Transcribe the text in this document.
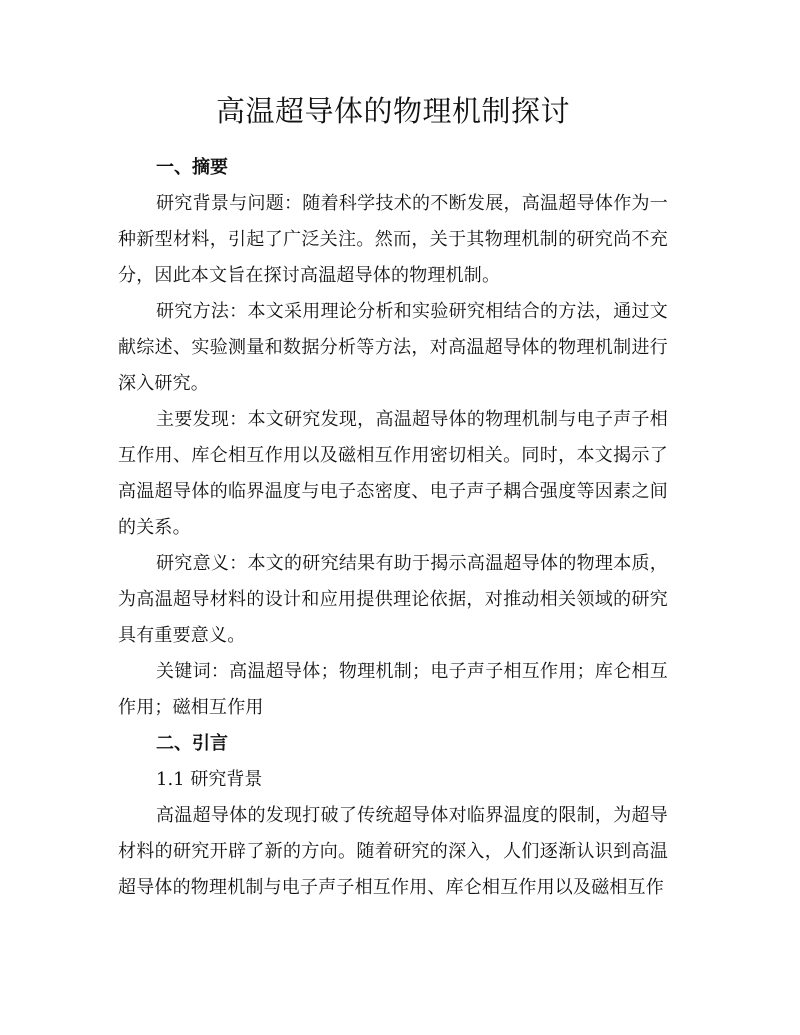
高温超导体的物理机制探讨
一、摘要

研究背景与问题：随着科学技术的不断发展，高温超导体作为一种新型材料，引起了广泛关注。然而，关于其物理机制的研究尚不充分，因此本文旨在探讨高温超导体的物理机制。

研究方法：本文采用理论分析和实验研究相结合的方法，通过文献综述、实验测量和数据分析等方法，对高温超导体的物理机制进行深入研究。

主要发现：本文研究发现，高温超导体的物理机制与电子声子相互作用、库仑相互作用以及磁相互作用密切相关。同时，本文揭示了高温超导体的临界温度与电子态密度、电子声子耦合强度等因素之间的关系。

研究意义：本文的研究结果有助于揭示高温超导体的物理本质，为高温超导材料的设计和应用提供理论依据，对推动相关领域的研究具有重要意义。

关键词：高温超导体；物理机制；电子声子相互作用；库仑相互作用；磁相互作用

二、引言

1.1 研究背景

高温超导体的发现打破了传统超导体对临界温度的限制，为超导材料的研究开辟了新的方向。随着研究的深入，人们逐渐认识到高温超导体的物理机制与电子声子相互作用、库仑相互作用以及磁相互作
